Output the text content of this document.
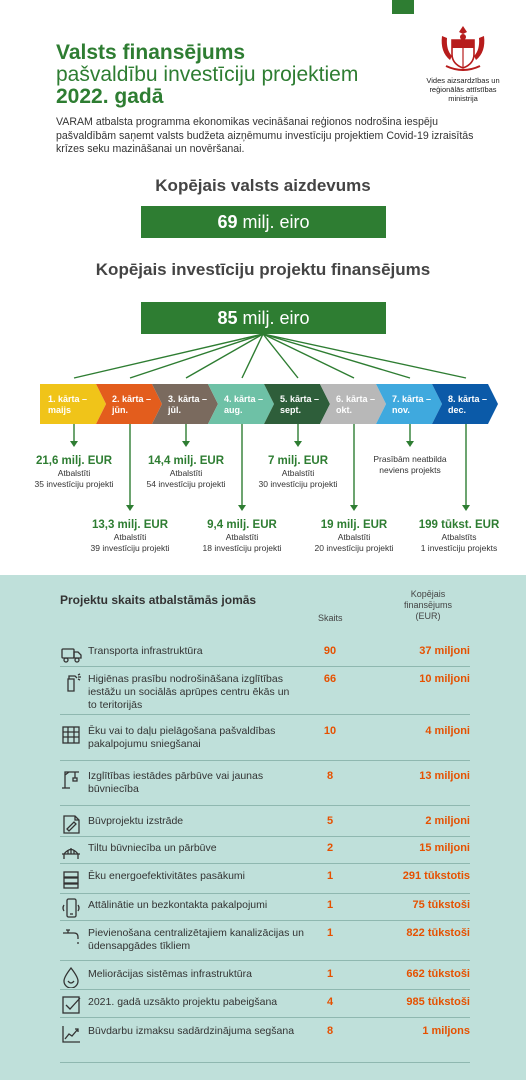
Valsts finansējums
pašvaldību investīciju projektiem
2022. gadā
Vides aizsardzības un reģionālās attīstības ministrija

VARAM atbalsta programma ekonomikas vecināšanai reģionos nodrošina iespēju pašvaldībām saņemt valsts budžeta aizņēmumu investīciju projektiem Covid-19 izraisītās krīzes seku mazināšanai un novēršanai.

Kopējais valsts aizdevums
69 milj. eiro
Kopējais investīciju projektu finansējums
85 milj. eiro
1. kārta –
maijs
2. kārta –
jūn.
3. kārta –
jūl.
4. kārta –
aug.
5. kārta –
sept.
6. kārta –
okt.
7. kārta –
nov.
8. kārta –
dec.
21,6 milj. EUR
Atbalstīti
35 investīciju projekti
13,3 milj. EUR
Atbalstīti
39 investīciju projekti
14,4 milj. EUR
Atbalstīti
54 investīciju projekti
9,4 milj. EUR
Atbalstīti
18 investīciju projekti
7 milj. EUR
Atbalstīti
30 investīciju projekti
19 milj. EUR
Atbalstīti
20 investīciju projekti
Prasībām neatbilda
neviens projekts
199 tūkst. EUR
Atbalstīts
1 investīciju projekts
Projektu skaits atbalstāmās jomās
Skaits
Kopējais
finansējums
(EUR)
Transporta infrastruktūra	90	37 miljoni
Higiēnas prasību nodrošināšana izglītības iestāžu un sociālās aprūpes centru ēkās un to teritorijās
66	10 miljoni
Ēku vai to daļu pielāgošana pašvaldības pakalpojumu sniegšanai
10	4 miljoni
Izglītības iestādes pārbūve vai jaunas būvniecība
8	13 miljoni
Būvprojektu izstrāde	5	2 miljoni
Tiltu būvniecība un pārbūve	2	15 miljoni
Ēku energoefektivitātes pasākumi	1	291 tūkstotis
Attālinātie un bezkontakta pakalpojumi	1	75 tūkstoši
Pievienošana centralizētajiem kanalizācijas un ūdensapgādes tīkliem
1	822 tūkstoši
Meliorācijas sistēmas infrastruktūra	1	662 tūkstoši
2021. gadā uzsākto projektu pabeigšana	4	985 tūkstoši
Būvdarbu izmaksu sadārdzinājuma segšana	8	1 miljons
